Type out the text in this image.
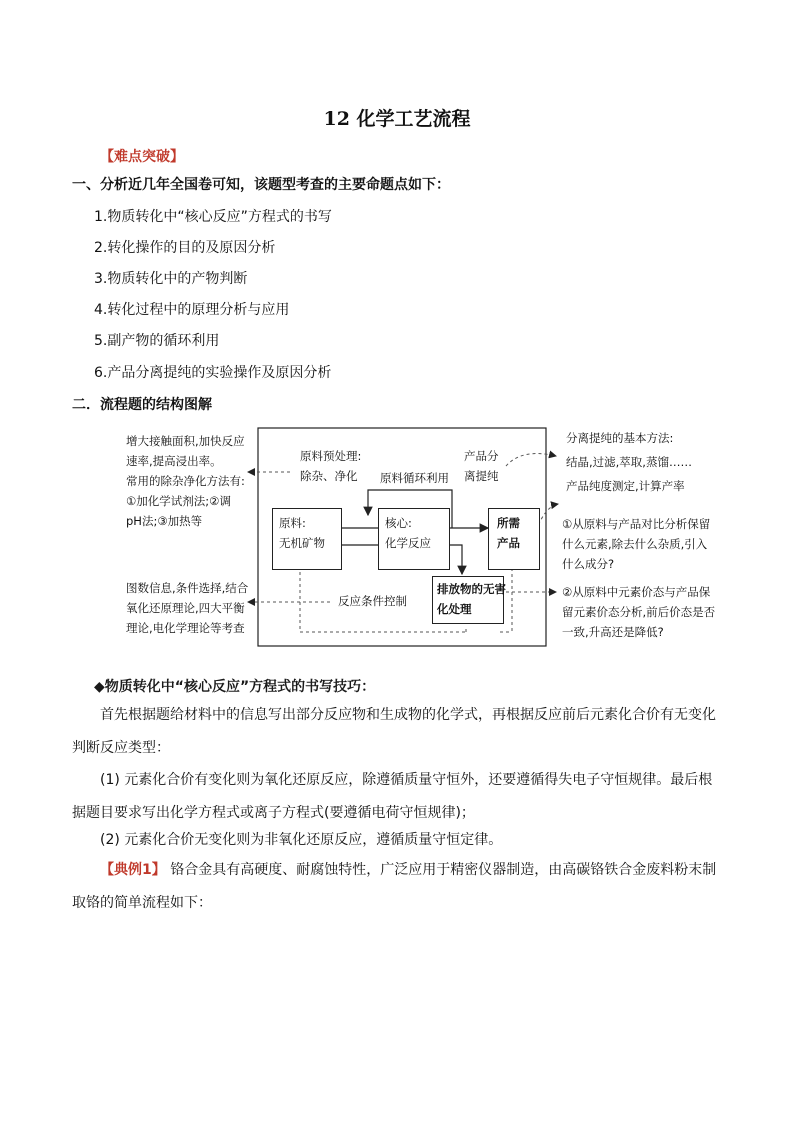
12 化学工艺流程
【难点突破】
一、分析近几年全国卷可知，该题型考查的主要命题点如下：
1.物质转化中“核心反应”方程式的书写
2.转化操作的目的及原因分析
3.物质转化中的产物判断
4.转化过程中的原理分析与应用
5.副产物的循环利用
6.产品分离提纯的实验操作及原因分析
二．流程题的结构图解
增大接触面积,加快反应
速率,提高浸出率。
常用的除杂净化方法有:
①加化学试剂法;②调
pH法;③加热等
图数信息,条件选择,结合
氧化还原理论,四大平衡
理论,电化学理论等考查
原料预处理:
除杂、净化
产品分
离提纯
原料循环利用
原料:
无机矿物
核心:
化学反应
所需
产品
反应条件控制
排放物的无害
化处理
分离提纯的基本方法:
结晶,过滤,萃取,蒸馏……
产品纯度测定,计算产率
①从原料与产品对比分析保留
什么元素,除去什么杂质,引入
什么成分?
②从原料中元素价态与产品保
留元素价态分析,前后价态是否
一致,升高还是降低?
◆物质转化中“核心反应”方程式的书写技巧：
首先根据题给材料中的信息写出部分反应物和生成物的化学式，再根据反应前后元素化合价有无变化判断反应类型：
(1) 元素化合价有变化则为氧化还原反应，除遵循质量守恒外，还要遵循得失电子守恒规律。最后根据题目要求写出化学方程式或离子方程式(要遵循电荷守恒规律)；
(2) 元素化合价无变化则为非氧化还原反应，遵循质量守恒定律。
【典例1】 铬合金具有高硬度、耐腐蚀特性，广泛应用于精密仪器制造，由高碳铬铁合金废料粉末制取铬的简单流程如下：
